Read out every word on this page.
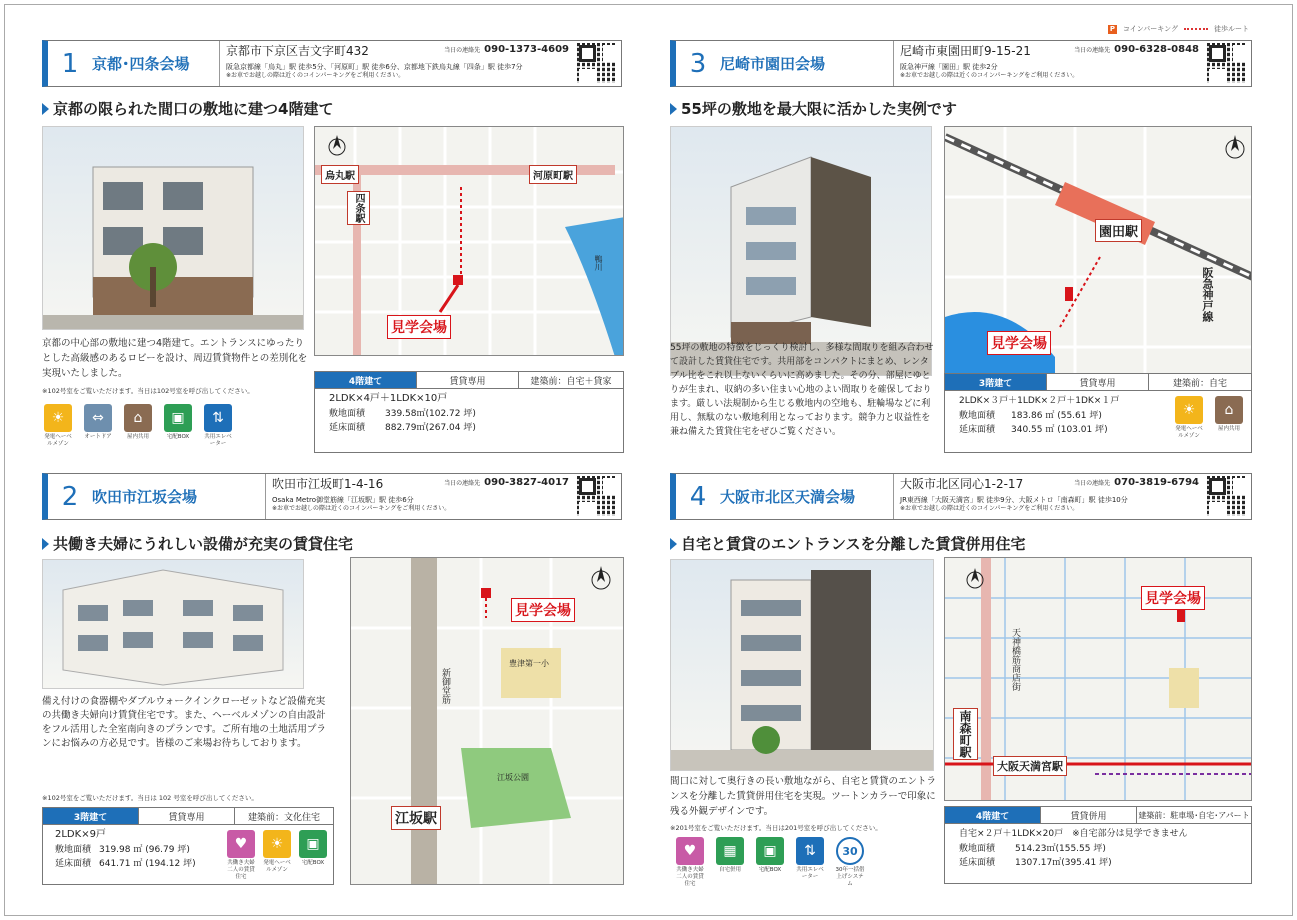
P コインパーキング	徒歩ルート
1 京都･四条会場
京都市下京区吉文字町432	当日の連絡先 090-1373-4609
阪急京都線「烏丸」駅 徒歩5分、「河原町」駅 徒歩6分、京都地下鉄烏丸線「四条」駅 徒歩7分
※お車でお越しの際は近くのコインパーキングをご利用ください。
京都の限られた間口の敷地に建つ4階建て
烏丸駅	河原町駅
四条駅
見学会場
鴨川
京都の中心部の敷地に建つ4階建て。エントランスにゆったりとした高級感のあるロビーを設け、周辺賃貸物件との差別化を実現いたしました。
※102号室をご覧いただけます。当日は102号室を呼び出してください。
4階建て	賃貸専用	建築前：自宅＋貸家
2LDK×4戸＋1LDK×10戸
敷地面積 339.58㎡(102.72 坪)
延床面積 882.79㎡(267.04 坪)
☀
発電ヘーベルメゾン
⇔
オートドア
⌂
屋内共用
▣
宅配BOX
⇅
共用エレベーター
3 尼崎市園田会場
尼崎市東園田町9-15-21	当日の連絡先 090-6328-0848
阪急神戸線「園田」駅 徒歩2分
※お車でお越しの際は近くのコインパーキングをご利用ください。
55坪の敷地を最大限に活かした実例です
園田駅
見学会場
阪急神戸線
55坪の敷地の特徴をじっくり検討し、多様な間取りを組み合わせて設計した賃貸住宅です。共用部をコンパクトにまとめ、レンタブル比をこれ以上ないくらいに高めました。その分、部屋にゆとりが生まれ、収納の多い住まい心地のよい間取りを確保しております。厳しい法規制から生じる敷地内の空地も、駐輪場などに利用し、無駄のない敷地利用となっております。競争力と収益性を兼ね備えた賃貸住宅をぜひご覧ください。
3階建て	賃貸専用	建築前：自宅
2LDK×３戸＋1LDK×２戸＋1DK×１戸
敷地面積 183.86 ㎡ (55.61 坪)
延床面積 340.55 ㎡ (103.01 坪)
☀
発電ヘーベルメゾン
⌂
屋内共用
2 吹田市江坂会場
吹田市江坂町1-4-16	当日の連絡先 090-3827-4017
Osaka Metro御堂筋線「江坂駅」駅 徒歩6分
※お車でお越しの際は近くのコインパーキングをご利用ください。
共働き夫婦にうれしい設備が充実の賃貸住宅
備え付けの食器棚やダブルウォークインクローゼットなど設備充実の共働き夫婦向け賃貸住宅です。また、ヘーベルメゾンの自由設計をフル活用した全室南向きのプランです。ご所有地の土地活用プランにお悩みの方必見です。皆様のご来場お待ちしております。
※102号室をご覧いただけます。当日は 102 号室を呼び出してください。
3階建て	賃貸専用	建築前：文化住宅
2LDK×9戸
敷地面積 319.98 ㎡ (96.79 坪)
延床面積 641.71 ㎡ (194.12 坪)
♥
共働き夫婦二人の賃貸住宅
☀
発電ヘーベルメゾン
▣
宅配BOX
見学会場
江坂駅
新御堂筋
江坂公園
豊津第一小
4 大阪市北区天満会場
大阪市北区同心1-2-17	当日の連絡先 070-3819-6794
JR東西線「大阪天満宮」駅 徒歩9分、大阪メトロ「南森町」駅 徒歩10分
※お車でお越しの際は近くのコインパーキングをご利用ください。
自宅と賃貸のエントランスを分離した賃貸併用住宅
間口に対して奥行きの長い敷地ながら、自宅と賃貸のエントランスを分離した賃貸併用住宅を実現。ツートンカラーで印象に残る外観デザインです。
※201号室をご覧いただけます。当日は201号室を呼び出してください。
♥
共働き夫婦二人の賃貸住宅
▦
自宅併用
▣
宅配BOX
⇅
共用エレベーター
30
30年一括借上げシステム
見学会場
大阪天満宮駅
南森町駅
天神橋筋商店街
4階建て	賃貸併用	建築前：駐車場･自宅･アパート
自宅×２戸＋1LDK×20戸　※自宅部分は見学できません
敷地面積 514.23㎡(155.55 坪)
延床面積 1307.17㎡(395.41 坪)
